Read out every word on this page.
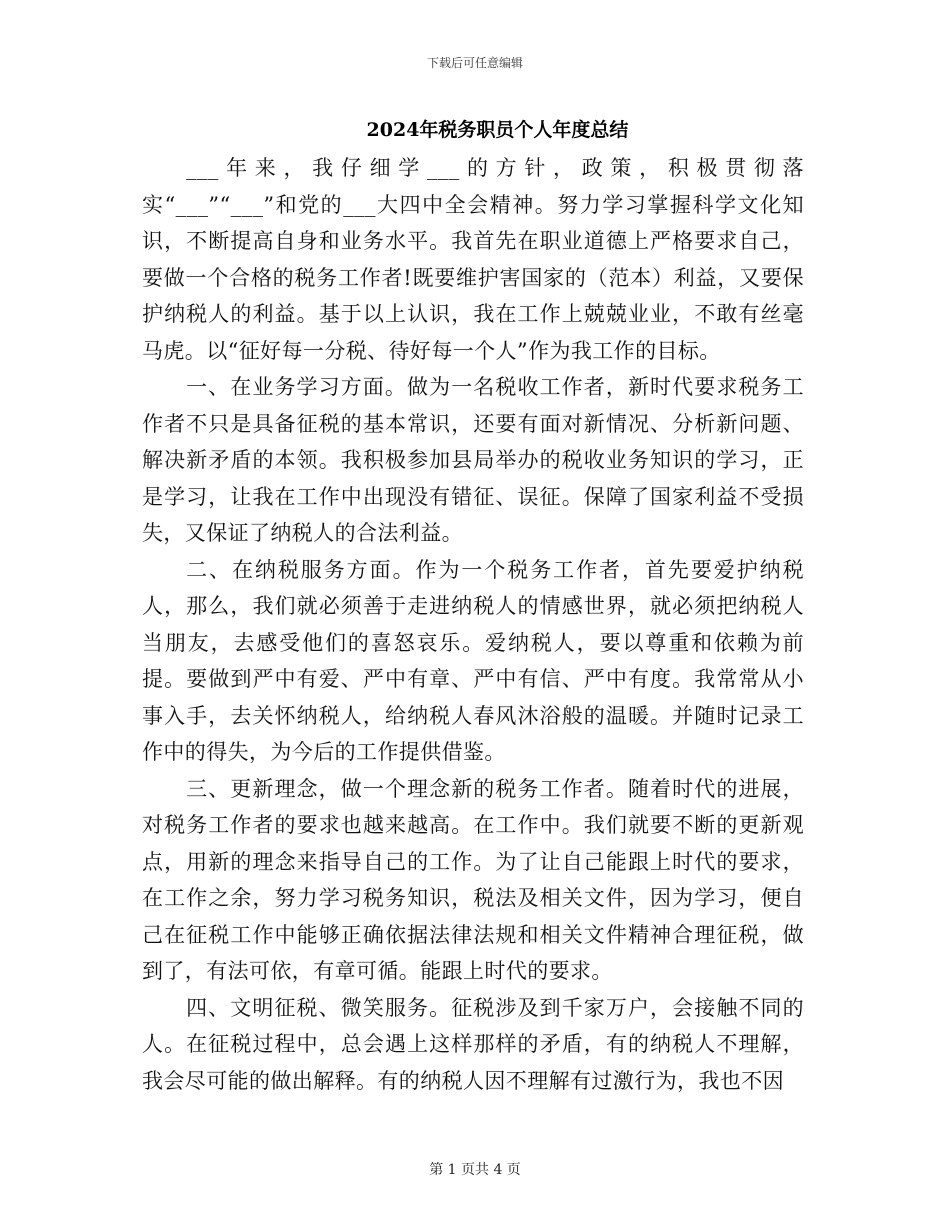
下载后可任意编辑
2024年税务职员个人年度总结

___年来，我仔细学___的方针，政策，积极贯彻落实“___”“___”和党的___大四中全会精神。努力学习掌握科学文化知识，不断提高自身和业务水平。我首先在职业道德上严格要求自己，要做一个合格的税务工作者!既要维护害国家的（范本）利益，又要保护纳税人的利益。基于以上认识，我在工作上兢兢业业，不敢有丝毫马虎。以“征好每一分税、待好每一个人”作为我工作的目标。

一、在业务学习方面。做为一名税收工作者，新时代要求税务工作者不只是具备征税的基本常识，还要有面对新情况、分析新问题、解决新矛盾的本领。我积极参加县局举办的税收业务知识的学习，正是学习，让我在工作中出现没有错征、误征。保障了国家利益不受损失，又保证了纳税人的合法利益。

二、在纳税服务方面。作为一个税务工作者，首先要爱护纳税人，那么，我们就必须善于走进纳税人的情感世界，就必须把纳税人当朋友，去感受他们的喜怒哀乐。爱纳税人，要以尊重和依赖为前提。要做到严中有爱、严中有章、严中有信、严中有度。我常常从小事入手，去关怀纳税人，给纳税人春风沐浴般的温暖。并随时记录工作中的得失，为今后的工作提供借鉴。

三、更新理念，做一个理念新的税务工作者。随着时代的进展，对税务工作者的要求也越来越高。在工作中。我们就要不断的更新观点，用新的理念来指导自己的工作。为了让自己能跟上时代的要求，在工作之余，努力学习税务知识，税法及相关文件，因为学习，便自己在征税工作中能够正确依据法律法规和相关文件精神合理征税，做到了，有法可依，有章可循。能跟上时代的要求。

四、文明征税、微笑服务。征税涉及到千家万户，会接触不同的人。在征税过程中，总会遇上这样那样的矛盾，有的纳税人不理解，我会尽可能的做出解释。有的纳税人因不理解有过激行为，我也不因

第 1 页共 4 页
